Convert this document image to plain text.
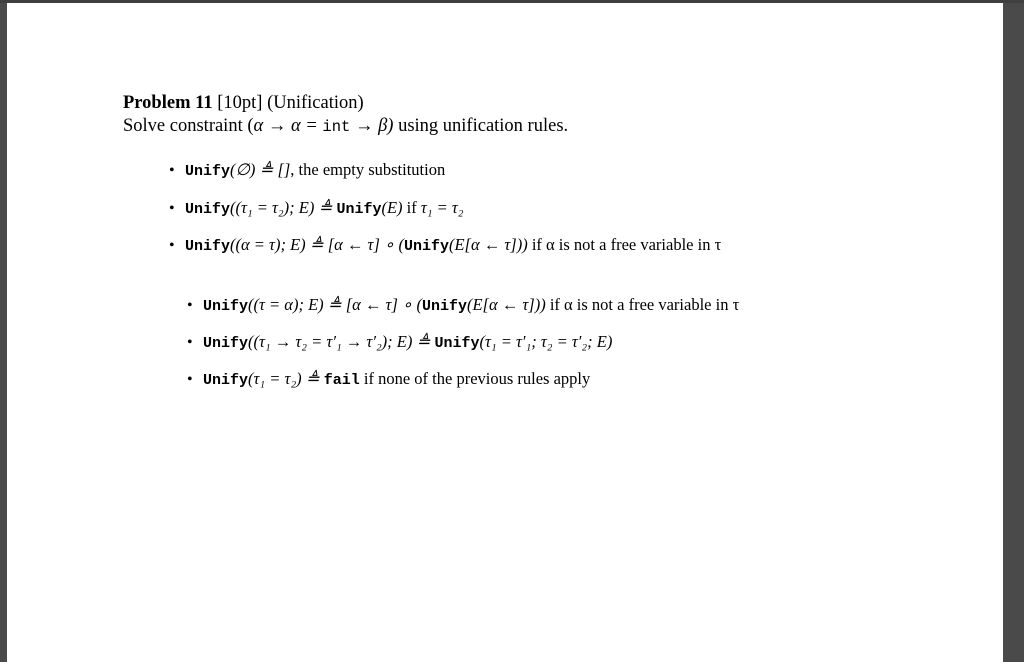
Problem 11 [10pt] (Unification)

Solve constraint (α → α = int → β) using unification rules.

• Unify(∅) ≜ [], the empty substitution
• Unify((τ₁ = τ₂); E) ≜ Unify(E) if τ₁ = τ₂
• Unify((α = τ); E) ≜ [α ← τ] ∘ (Unify(E[α ← τ])) if α is not a free variable in τ
• Unify((τ = α); E) ≜ [α ← τ] ∘ (Unify(E[α ← τ])) if α is not a free variable in τ
• Unify((τ₁ → τ₂ = τ′₁ → τ′₂); E) ≜ Unify(τ₁ = τ′₁; τ₂ = τ′₂; E)
• Unify(τ₁ = τ₂) ≜ fail if none of the previous rules apply
